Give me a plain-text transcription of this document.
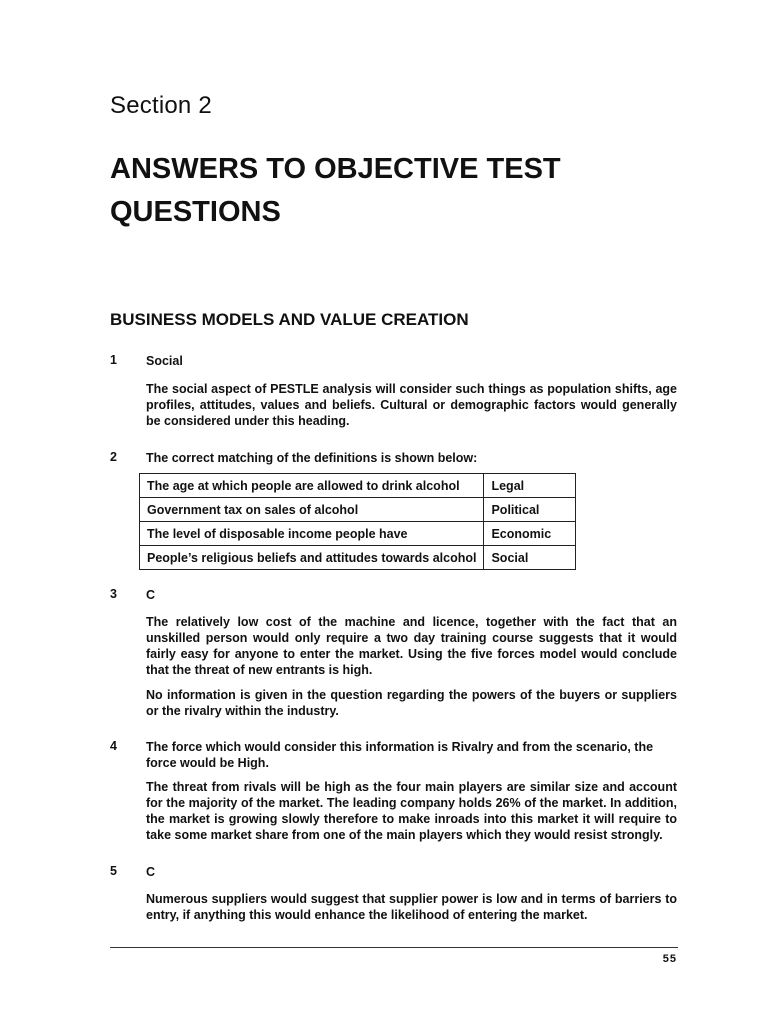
Section 2
ANSWERS TO OBJECTIVE TEST QUESTIONS
BUSINESS MODELS AND VALUE CREATION
1 Social

The social aspect of PESTLE analysis will consider such things as population shifts, age profiles, attitudes, values and beliefs. Cultural or demographic factors would generally be considered under this heading.

2 The correct matching of the definitions is shown below:

The age at which people are allowed to drink alcohol	Legal
Government tax on sales of alcohol	Political
The level of disposable income people have	Economic
People’s religious beliefs and attitudes towards alcohol	Social
3 C

The relatively low cost of the machine and licence, together with the fact that an unskilled person would only require a two day training course suggests that it would fairly easy for anyone to enter the market. Using the five forces model would conclude that the threat of new entrants is high.

No information is given in the question regarding the powers of the buyers or suppliers or the rivalry within the industry.

4 The force which would consider this information is Rivalry and from the scenario, the force would be High.

The threat from rivals will be high as the four main players are similar size and account for the majority of the market. The leading company holds 26% of the market. In addition, the market is growing slowly therefore to make inroads into this market it will require to take some market share from one of the main players which they would resist strongly.

5 C

Numerous suppliers would suggest that supplier power is low and in terms of barriers to entry, if anything this would enhance the likelihood of entering the market.

55
